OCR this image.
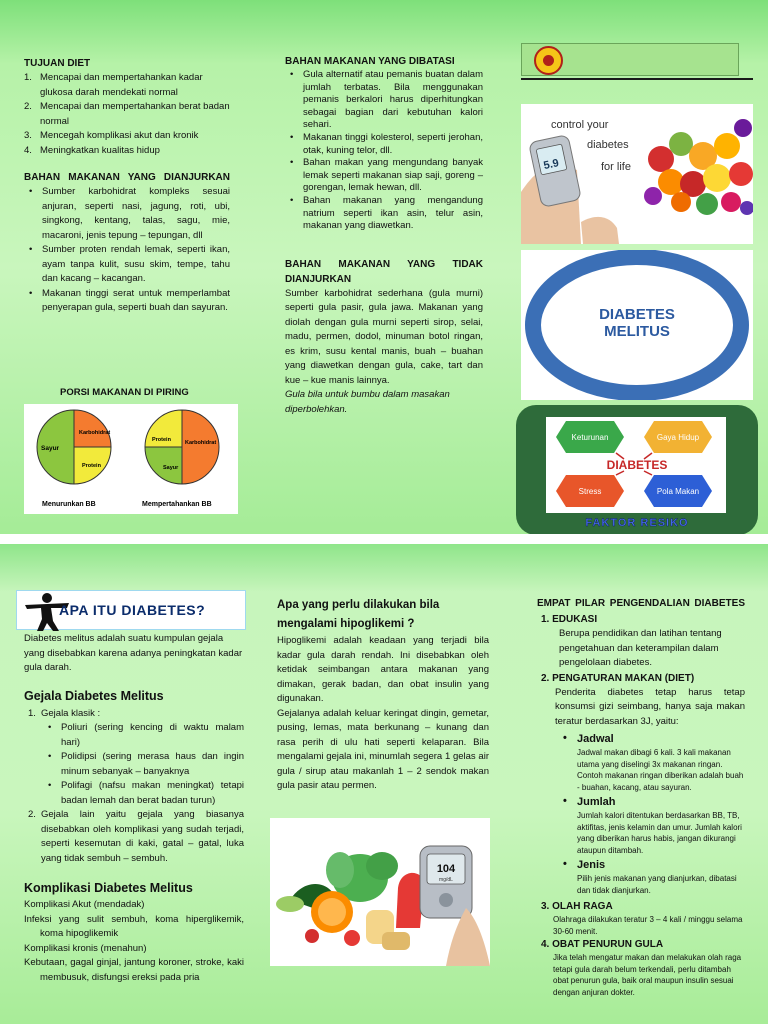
TUJUAN DIET
1. Mencapai dan mempertahankan kadar glukosa darah mendekati normal
2. Mencapai dan mempertahankan berat badan normal
3. Mencegah komplikasi akut dan kronik
4. Meningkatkan kualitas hidup
BAHAN MAKANAN YANG DIANJURKAN
• Sumber karbohidrat kompleks sesuai anjuran, seperti nasi, jagung, roti, ubi, singkong, kentang, talas, sagu, mie, macaroni, jenis tepung – tepungan, dll
• Sumber proten rendah lemak, seperti ikan, ayam tanpa kulit, susu skim, tempe, tahu dan kacang – kacangan.
• Makanan tinggi serat untuk memperlambat penyerapan gula, seperti buah dan sayuran.
PORSI MAKANAN DI PIRING
Karbohidrat
Sayur
Protein
Menurunkan BB
Protein	Karbohidrat
Sayur
Mempertahankan BB
BAHAN MAKANAN YANG DIBATASI
• Gula alternatif atau pemanis buatan dalam jumlah terbatas. Bila menggunakan pemanis berkalori harus diperhitungkan sebagai bagian dari kebutuhan kalori sehari.
• Makanan tinggi kolesterol, seperti jerohan, otak, kuning telor, dll.
• Bahan makan yang mengundang banyak lemak seperti makanan siap saji, goreng – gorengan, lemak hewan, dll.
• Bahan makanan yang mengandung natrium seperti ikan asin, telur asin, makanan yang diawetkan.
BAHAN MAKANAN YANG TIDAK DIANJURKAN
Sumber karbohidrat sederhana (gula murni) seperti gula pasir, gula jawa. Makanan yang diolah dengan gula murni seperti sirop, selai, madu, permen, dodol, minuman botol ringan, es krim, susu kental manis, buah – buahan yang diawetkan dengan gula, cake, tart dan kue – kue manis lainnya.
Gula bila untuk bumbu dalam masakan diperbolehkan.
5.9
control your
diabetes
for life
DIABETES
MELITUS
Keturunan	Gaya Hidup
Stress	Pola Makan
DIABETES
FAKTOR RESIKO
APA ITU DIABETES?
Diabetes melitus adalah suatu kumpulan gejala yang disebabkan karena adanya peningkatan kadar gula darah.
Gejala Diabetes Melitus
1. Gejala klasik :
• Poliuri (sering kencing di waktu malam hari)
• Polidipsi (sering merasa haus dan ingin minum sebanyak – banyaknya
• Polifagi (nafsu makan meningkat) tetapi badan lemah dan berat badan turun)
2. Gejala lain yaitu gejala yang biasanya disebabkan oleh komplikasi yang sudah terjadi, seperti kesemutan di kaki, gatal – gatal, luka yang tidak sembuh – sembuh.
Komplikasi Diabetes Melitus
Komplikasi Akut (mendadak)
Infeksi yang sulit sembuh, koma hiperglikemik, koma hipoglikemik
Komplikasi kronis (menahun)
Kebutaan, gagal ginjal, jantung koroner, stroke, kaki membusuk, disfungsi ereksi pada pria
Apa yang perlu dilakukan bila mengalami hipoglikemi ?
Hipoglikemi adalah keadaan yang terjadi bila kadar gula darah rendah. Ini disebabkan oleh ketidak seimbangan antara makanan yang dimakan, gerak badan, dan obat insulin yang digunakan.
Gejalanya adalah keluar keringat dingin, gemetar, pusing, lemas, mata berkunang – kunang dan rasa perih di ulu hati seperti kelaparan. Bila mengalami gejala ini, minumlah segera 1 gelas air gula / sirup atau makanlah 1 – 2 sendok makan gula pasir atau permen.
104
mg/dL
EMPAT PILAR PENGENDALIAN DIABETES
1. EDUKASI
Berupa pendidikan dan latihan tentang pengetahuan dan keterampilan dalam pengelolaan diabetes.
2. PENGATURAN MAKAN (DIET)
Penderita diabetes tetap harus tetap konsumsi gizi seimbang, hanya saja makan teratur berdasarkan 3J, yaitu:
• Jadwal
Jadwal makan dibagi 6 kali. 3 kali makanan utama yang diselingi 3x makanan ringan. Contoh makanan ringan diberikan adalah buah - buahan, kacang, atau sayuran.
• Jumlah
Jumlah kalori ditentukan berdasarkan BB, TB, aktifitas, jenis kelamin dan umur. Jumlah kalori yang diberikan harus habis, jangan dikurangi ataupun ditambah.
• Jenis
Pilih jenis makanan yang dianjurkan, dibatasi dan tidak dianjurkan.
3. OLAH RAGA
Olahraga dilakukan teratur 3 – 4 kali / minggu selama 30-60 menit.
4. OBAT PENURUN GULA
Jika telah mengatur makan dan melakukan olah raga tetapi gula darah belum terkendali, perlu ditambah obat penurun gula, baik oral maupun insulin sesuai dengan anjuran dokter.
